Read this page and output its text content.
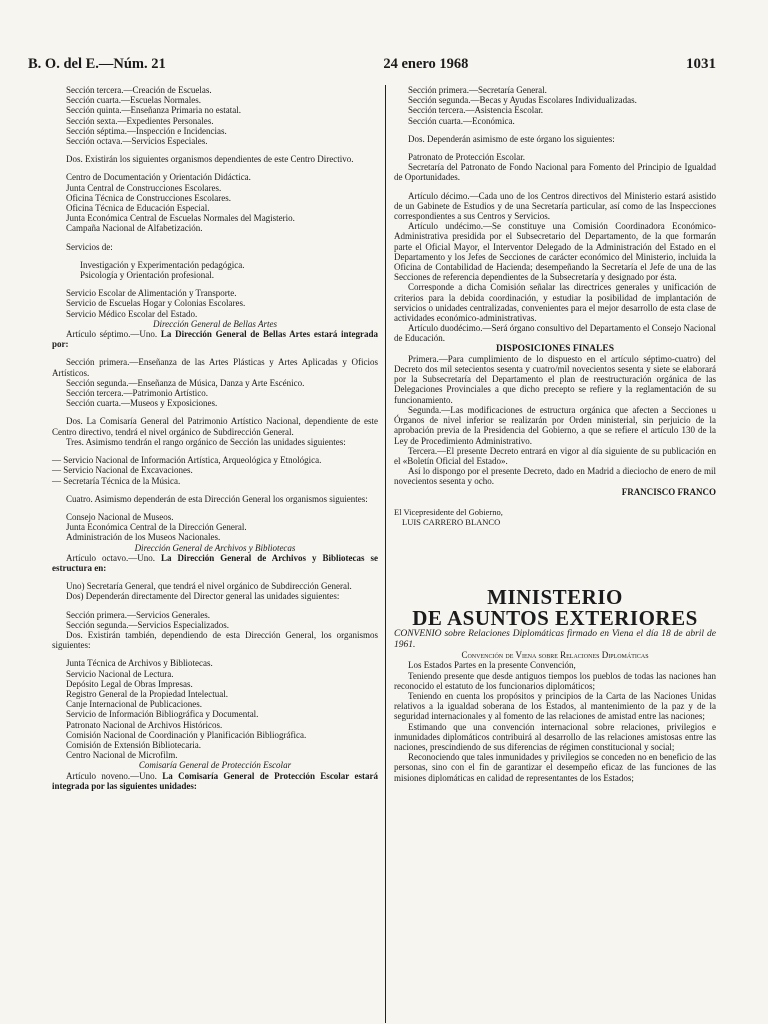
B. O. del E.—Núm. 21	24 enero 1968	1031

Sección tercera.—Creación de Escuelas.

Sección cuarta.—Escuelas Normales.

Sección quinta.—Enseñanza Primaria no estatal.

Sección sexta.—Expedientes Personales.

Sección séptima.—Inspección e Incidencias.

Sección octava.—Servicios Especiales.

Dos. Existirán los siguientes organismos dependientes de este Centro Directivo.

Centro de Documentación y Orientación Didáctica.

Junta Central de Construcciones Escolares.

Oficina Técnica de Construcciones Escolares.

Oficina Técnica de Educación Especial.

Junta Económica Central de Escuelas Normales del Magisterio.

Campaña Nacional de Alfabetización.

Servicios de:

Investigación y Experimentación pedagógica.

Psicología y Orientación profesional.

Servicio Escolar de Alimentación y Transporte.

Servicio de Escuelas Hogar y Colonias Escolares.

Servicio Médico Escolar del Estado.

Dirección General de Bellas Artes

Artículo séptimo.—Uno. La Dirección General de Bellas Artes estará integrada por:

Sección primera.—Enseñanza de las Artes Plásticas y Artes Aplicadas y Oficios Artísticos.

Sección segunda.—Enseñanza de Música, Danza y Arte Escénico.

Sección tercera.—Patrimonio Artístico.

Sección cuarta.—Museos y Exposiciones.

Dos. La Comisaría General del Patrimonio Artístico Nacional, dependiente de este Centro directivo, tendrá el nivel orgánico de Subdirección General.

Tres. Asimismo tendrán el rango orgánico de Sección las unidades siguientes:

— Servicio Nacional de Información Artística, Arqueológica y Etnológica.

— Servicio Nacional de Excavaciones.

— Secretaría Técnica de la Música.

Cuatro. Asimismo dependerán de esta Dirección General los organismos siguientes:

Consejo Nacional de Museos.

Junta Económica Central de la Dirección General.

Administración de los Museos Nacionales.

Dirección General de Archivos y Bibliotecas

Artículo octavo.—Uno. La Dirección General de Archivos y Bibliotecas se estructura en:

Uno) Secretaría General, que tendrá el nivel orgánico de Subdirección General.

Dos) Dependerán directamente del Director general las unidades siguientes:

Sección primera.—Servicios Generales.

Sección segunda.—Servicios Especializados.

Dos. Existirán también, dependiendo de esta Dirección General, los organismos siguientes:

Junta Técnica de Archivos y Bibliotecas.

Servicio Nacional de Lectura.

Depósito Legal de Obras Impresas.

Registro General de la Propiedad Intelectual.

Canje Internacional de Publicaciones.

Servicio de Información Bibliográfica y Documental.

Patronato Nacional de Archivos Históricos.

Comisión Nacional de Coordinación y Planificación Bibliográfica.

Comisión de Extensión Bibliotecaria.

Centro Nacional de Microfilm.

Comisaría General de Protección Escolar

Artículo noveno.—Uno. La Comisaría General de Protección Escolar estará integrada por las siguientes unidades:

Sección primera.—Secretaría General.

Sección segunda.—Becas y Ayudas Escolares Individualizadas.

Sección tercera.—Asistencia Escolar.

Sección cuarta.—Económica.

Dos. Dependerán asimismo de este órgano los siguientes:

Patronato de Protección Escolar.

Secretaría del Patronato de Fondo Nacional para Fomento del Principio de Igualdad de Oportunidades.

Artículo décimo.—Cada uno de los Centros directivos del Ministerio estará asistido de un Gabinete de Estudios y de una Secretaría particular, así como de las Inspecciones correspondientes a sus Centros y Servicios.

Artículo undécimo.—Se constituye una Comisión Coordinadora Económico-Administrativa presidida por el Subsecretario del Departamento, de la que formarán parte el Oficial Mayor, el Interventor Delegado de la Administración del Estado en el Departamento y los Jefes de Secciones de carácter económico del Ministerio, incluida la Oficina de Contabilidad de Hacienda; desempeñando la Secretaría el Jefe de una de las Secciones de referencia dependientes de la Subsecretaría y designado por ésta.

Corresponde a dicha Comisión señalar las directrices generales y unificación de criterios para la debida coordinación, y estudiar la posibilidad de implantación de servicios o unidades centralizadas, convenientes para el mejor desarrollo de esta clase de actividades económico-administrativas.

Artículo duodécimo.—Será órgano consultivo del Departamento el Consejo Nacional de Educación.

DISPOSICIONES FINALES

Primera.—Para cumplimiento de lo dispuesto en el artículo séptimo-cuatro) del Decreto dos mil setecientos sesenta y cuatro/mil novecientos sesenta y siete se elaborará por la Subsecretaría del Departamento el plan de reestructuración orgánica de las Delegaciones Provinciales a que dicho precepto se refiere y la reglamentación de su funcionamiento.

Segunda.—Las modificaciones de estructura orgánica que afecten a Secciones u Órganos de nivel inferior se realizarán por Orden ministerial, sin perjuicio de la aprobación previa de la Presidencia del Gobierno, a que se refiere el artículo 130 de la Ley de Procedimiento Administrativo.

Tercera.—El presente Decreto entrará en vigor al día siguiente de su publicación en el «Boletín Oficial del Estado».

Así lo dispongo por el presente Decreto, dado en Madrid a dieciocho de enero de mil novecientos sesenta y ocho.

FRANCISCO FRANCO

El Vicepresidente del Gobierno,

LUIS CARRERO BLANCO

MINISTERIO
DE ASUNTOS EXTERIORES

CONVENIO sobre Relaciones Diplomáticas firmado en Viena el día 18 de abril de 1961.

Convención de Viena sobre Relaciones Diplomáticas

Los Estados Partes en la presente Convención,

Teniendo presente que desde antiguos tiempos los pueblos de todas las naciones han reconocido el estatuto de los funcionarios diplomáticos;

Teniendo en cuenta los propósitos y principios de la Carta de las Naciones Unidas relativos a la igualdad soberana de los Estados, al mantenimiento de la paz y de la seguridad internacionales y al fomento de las relaciones de amistad entre las naciones;

Estimando que una convención internacional sobre relaciones, privilegios e inmunidades diplomáticos contribuirá al desarrollo de las relaciones amistosas entre las naciones, prescindiendo de sus diferencias de régimen constitucional y social;

Reconociendo que tales inmunidades y privilegios se conceden no en beneficio de las personas, sino con el fin de garantizar el desempeño eficaz de las funciones de las misiones diplomáticas en calidad de representantes de los Estados;
